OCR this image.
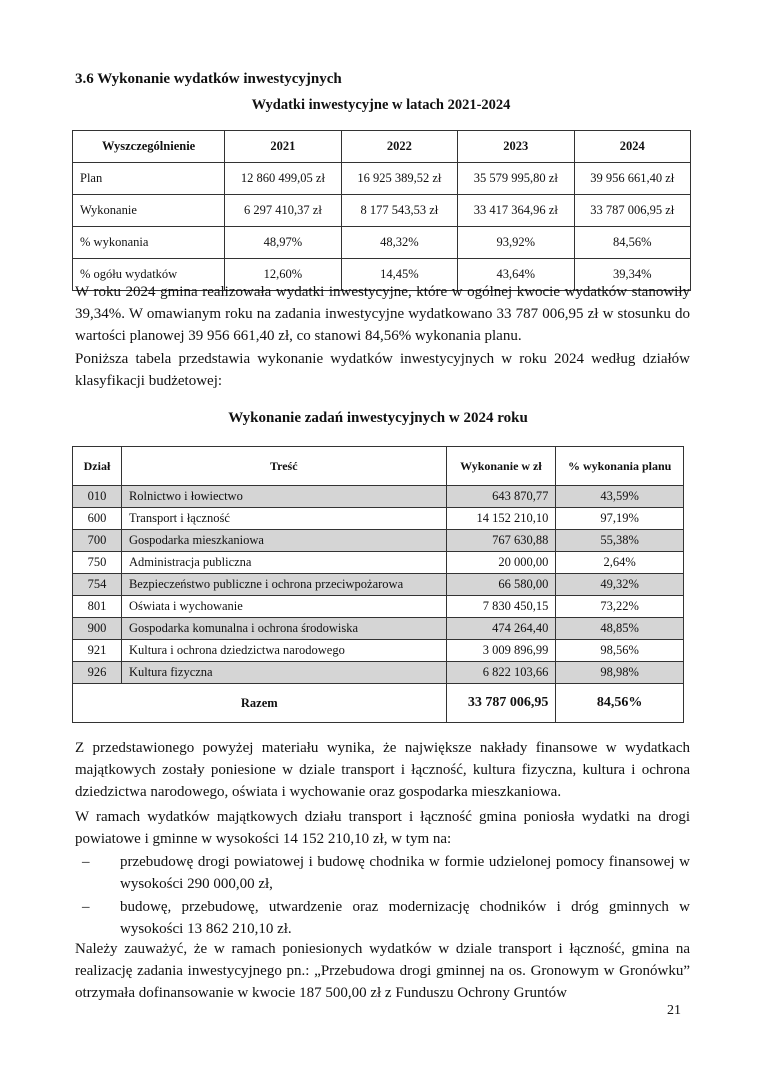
3.6 Wykonanie wydatków inwestycyjnych

Wydatki inwestycyjne w latach 2021-2024

Wyszczególnienie	2021	2022	2023	2024
Plan	12 860 499,05 zł	16 925 389,52 zł	35 579 995,80 zł	39 956 661,40 zł
Wykonanie	6 297 410,37 zł	8 177 543,53 zł	33 417 364,96 zł	33 787 006,95 zł
% wykonania	48,97%	48,32%	93,92%	84,56%
% ogółu wydatków	12,60%	14,45%	43,64%	39,34%

W roku 2024 gmina realizowała wydatki inwestycyjne, które w ogólnej kwocie wydatków stanowiły 39,34%. W omawianym roku na zadania inwestycyjne wydatkowano 33 787 006,95 zł w stosunku do wartości planowej 39 956 661,40 zł, co stanowi 84,56% wykonania planu.

Poniższa tabela przedstawia wykonanie wydatków inwestycyjnych w roku 2024 według działów klasyfikacji budżetowej:

Wykonanie zadań inwestycyjnych w 2024 roku

Dział	Treść	Wykonanie w zł	% wykonania planu
010	Rolnictwo i łowiectwo	643 870,77	43,59%
600	Transport i łączność	14 152 210,10	97,19%
700	Gospodarka mieszkaniowa	767 630,88	55,38%
750	Administracja publiczna	20 000,00	2,64%
754	Bezpieczeństwo publiczne i ochrona przeciwpożarowa	66 580,00	49,32%
801	Oświata i wychowanie	7 830 450,15	73,22%
900	Gospodarka komunalna i ochrona środowiska	474 264,40	48,85%
921	Kultura i ochrona dziedzictwa narodowego	3 009 896,99	98,56%
926	Kultura fizyczna	6 822 103,66	98,98%
Razem		33 787 006,95	84,56%

Z przedstawionego powyżej materiału wynika, że największe nakłady finansowe w wydatkach majątkowych zostały poniesione w dziale transport i łączność, kultura fizyczna, kultura i ochrona dziedzictwa narodowego, oświata i wychowanie oraz gospodarka mieszkaniowa.

W ramach wydatków majątkowych działu transport i łączność gmina poniosła wydatki na drogi powiatowe i gminne w wysokości 14 152 210,10 zł, w tym na:

– przebudowę drogi powiatowej i budowę chodnika w formie udzielonej pomocy finansowej w wysokości 290 000,00 zł,
– budowę, przebudowę, utwardzenie oraz modernizację chodników i dróg gminnych w wysokości 13 862 210,10 zł.

Należy zauważyć, że w ramach poniesionych wydatków w dziale transport i łączność, gmina na realizację zadania inwestycyjnego pn.: „Przebudowa drogi gminnej na os. Gronowym w Gronówku” otrzymała dofinansowanie w kwocie 187 500,00 zł z Funduszu Ochrony Gruntów

21
